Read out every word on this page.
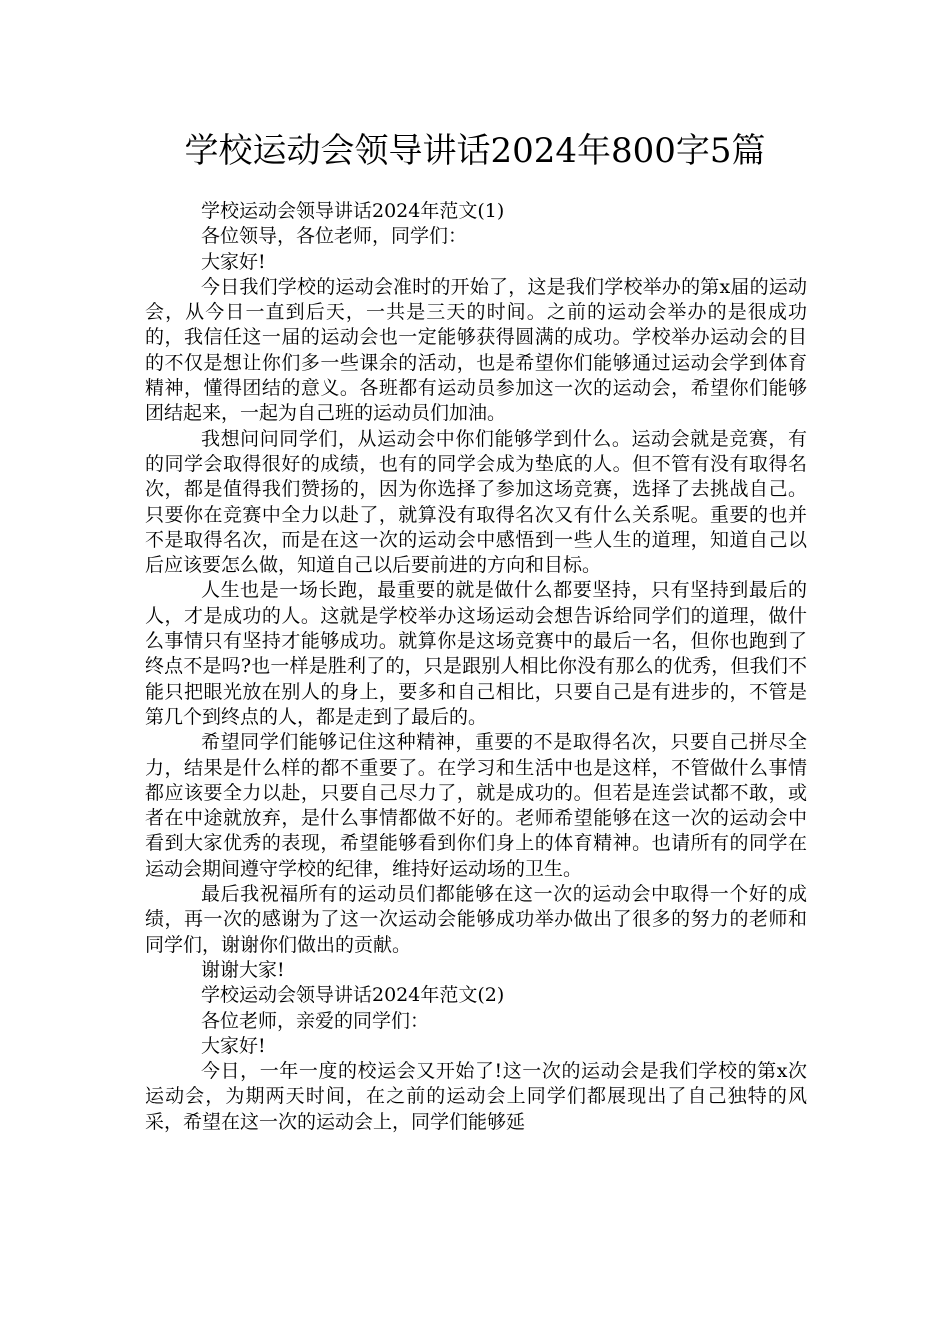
学校运动会领导讲话2024年800字5篇

学校运动会领导讲话2024年范文(1)

各位领导，各位老师，同学们：

大家好!

今日我们学校的运动会准时的开始了，这是我们学校举办的第x届的运动会，从今日一直到后天，一共是三天的时间。之前的运动会举办的是很成功的，我信任这一届的运动会也一定能够获得圆满的成功。学校举办运动会的目的不仅是想让你们多一些课余的活动，也是希望你们能够通过运动会学到体育精神，懂得团结的意义。各班都有运动员参加这一次的运动会，希望你们能够团结起来，一起为自己班的运动员们加油。

我想问问同学们，从运动会中你们能够学到什么。运动会就是竞赛，有的同学会取得很好的成绩，也有的同学会成为垫底的人。但不管有没有取得名次，都是值得我们赞扬的，因为你选择了参加这场竞赛，选择了去挑战自己。只要你在竞赛中全力以赴了，就算没有取得名次又有什么关系呢。重要的也并不是取得名次，而是在这一次的运动会中感悟到一些人生的道理，知道自己以后应该要怎么做，知道自己以后要前进的方向和目标。

人生也是一场长跑，最重要的就是做什么都要坚持，只有坚持到最后的人，才是成功的人。这就是学校举办这场运动会想告诉给同学们的道理，做什么事情只有坚持才能够成功。就算你是这场竞赛中的最后一名，但你也跑到了终点不是吗?也一样是胜利了的，只是跟别人相比你没有那么的优秀，但我们不能只把眼光放在别人的身上，要多和自己相比，只要自己是有进步的，不管是第几个到终点的人，都是走到了最后的。

希望同学们能够记住这种精神，重要的不是取得名次，只要自己拼尽全力，结果是什么样的都不重要了。在学习和生活中也是这样，不管做什么事情都应该要全力以赴，只要自己尽力了，就是成功的。但若是连尝试都不敢，或者在中途就放弃，是什么事情都做不好的。老师希望能够在这一次的运动会中看到大家优秀的表现，希望能够看到你们身上的体育精神。也请所有的同学在运动会期间遵守学校的纪律，维持好运动场的卫生。

最后我祝福所有的运动员们都能够在这一次的运动会中取得一个好的成绩，再一次的感谢为了这一次运动会能够成功举办做出了很多的努力的老师和同学们，谢谢你们做出的贡献。

谢谢大家!

学校运动会领导讲话2024年范文(2)

各位老师，亲爱的同学们：

大家好!

今日，一年一度的校运会又开始了!这一次的运动会是我们学校的第x次运动会，为期两天时间，在之前的运动会上同学们都展现出了自己独特的风采，希望在这一次的运动会上，同学们能够延
